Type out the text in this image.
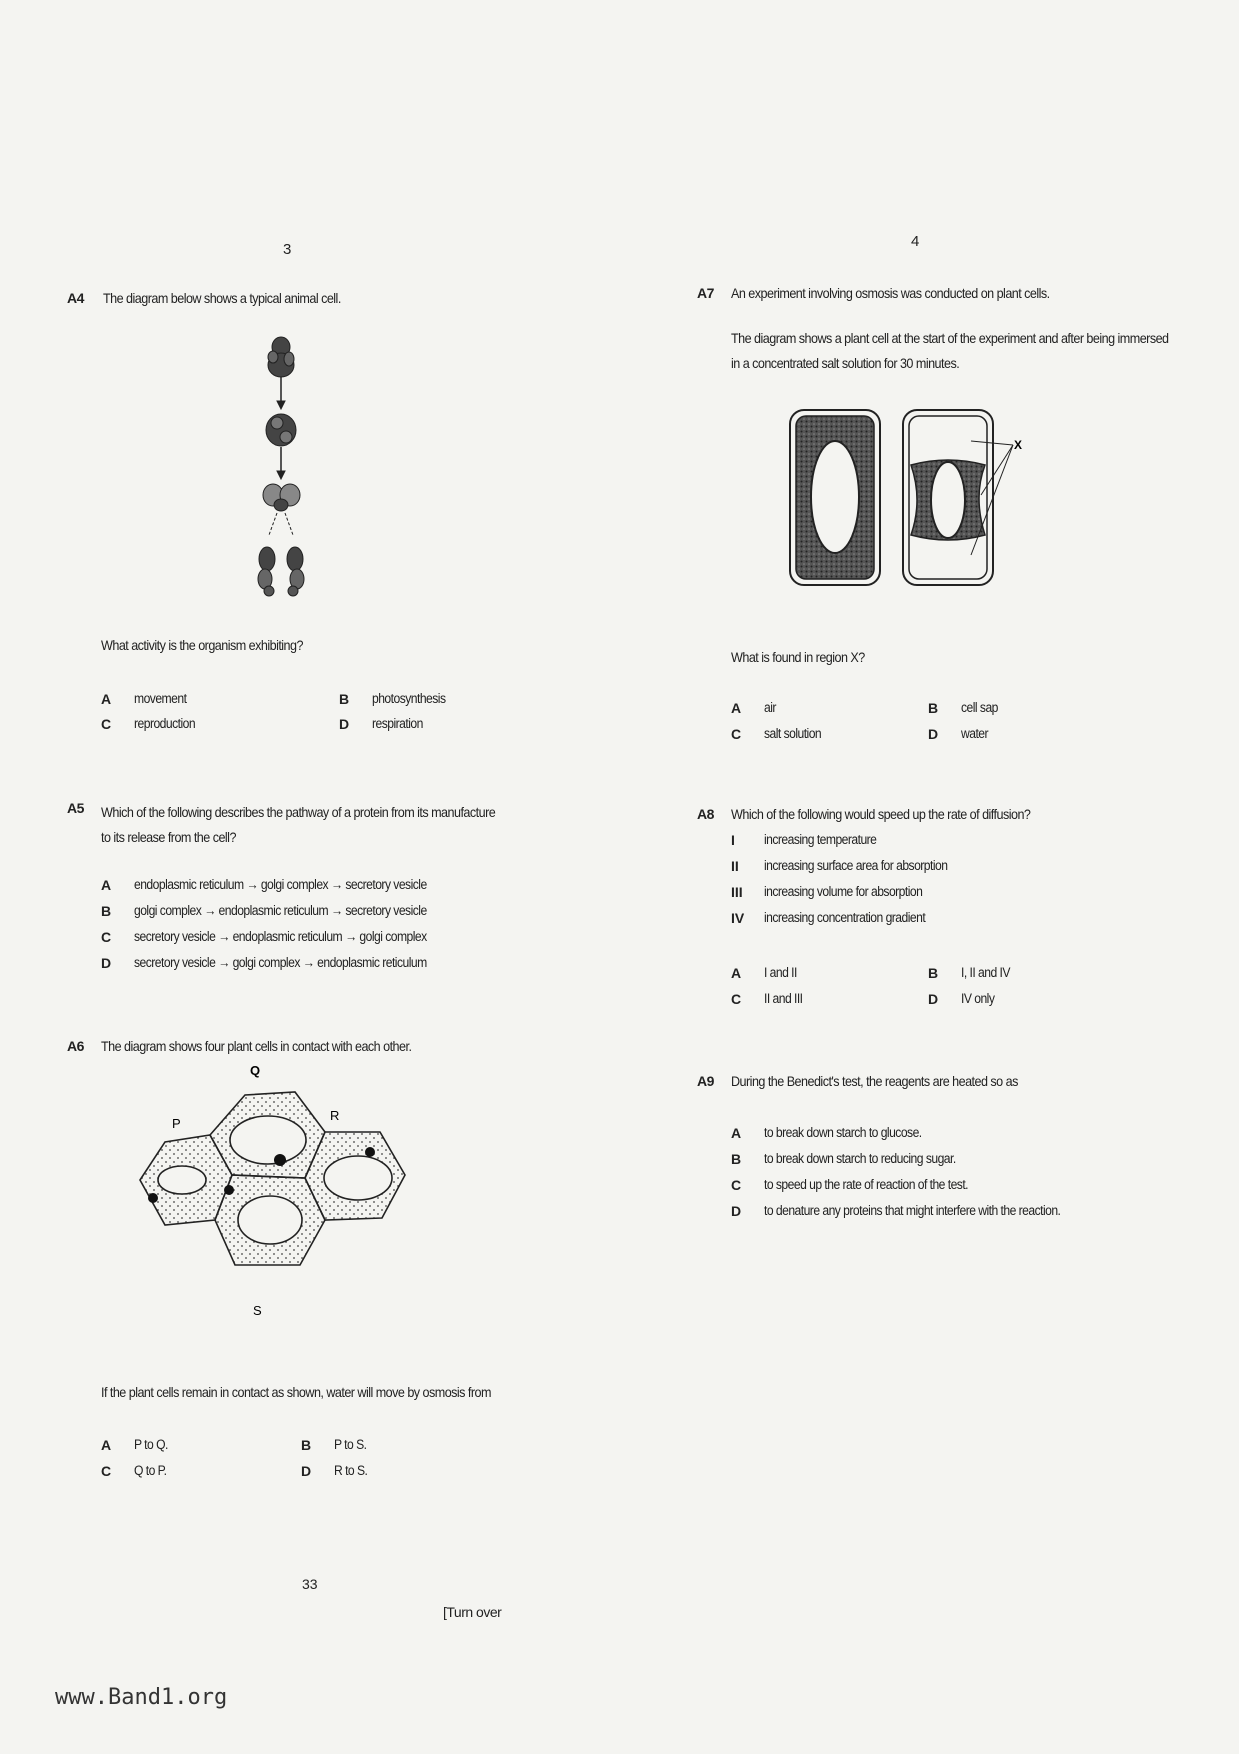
3	4
A4 The diagram below shows a typical animal cell.
What activity is the organism exhibiting?
A movement	B photosynthesis
C reproduction	D respiration
A5 Which of the following describes the pathway of a protein from its manufacture to its release from the cell?
A endoplasmic reticulum → golgi complex → secretory vesicle
B golgi complex → endoplasmic reticulum → secretory vesicle
C secretory vesicle → endoplasmic reticulum → golgi complex
D secretory vesicle → golgi complex → endoplasmic reticulum
A6 The diagram shows four plant cells in contact with each other.
P
Q
R
S
If the plant cells remain in contact as shown, water will move by osmosis from
A P to Q.	B P to S.
C Q to P.	D R to S.
A7 An experiment involving osmosis was conducted on plant cells.
The diagram shows a plant cell at the start of the experiment and after being immersed
in a concentrated salt solution for 30 minutes.
X
What is found in region X?
A air	B cell sap
C salt solution	D water
A8 Which of the following would speed up the rate of diffusion?
I increasing temperature
II increasing surface area for absorption
III increasing volume for absorption
IV increasing concentration gradient
A I and II	B I, II and IV
C II and III	D IV only
A9 During the Benedict's test, the reagents are heated so as
A to break down starch to glucose.
B to break down starch to reducing sugar.
C to speed up the rate of reaction of the test.
D to denature any proteins that might interfere with the reaction.
33
[Turn over
www.Band1.org
